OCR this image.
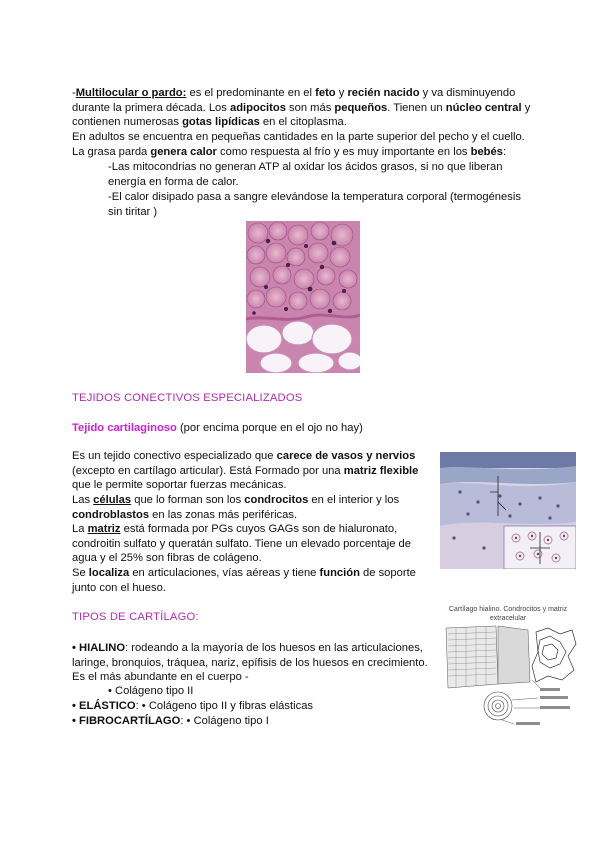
-Multilocular o pardo: es el predominante en el feto y recién nacido y va disminuyendo durante la primera década. Los adipocitos son más pequeños. Tienen un núcleo central y contienen numerosas gotas lipídicas en el citoplasma.
En adultos se encuentra en pequeñas cantidades en la parte superior del pecho y el cuello.
La grasa parda genera calor como respuesta al frío y es muy importante en los bebés:
-Las mitocondrias no generan ATP al oxidar los ácidos grasos, si no que liberan energía en forma de calor.
-El calor disipado pasa a sangre elevándose la temperatura corporal (termogénesis sin tiritar )
TEJIDOS CONECTIVOS ESPECIALIZADOS
Tejido cartilaginoso (por encima porque en el ojo no hay)
Es un tejido conectivo especializado que carece de vasos y nervios (excepto en cartílago articular). Está Formado por una matriz flexible que le permite soportar fuerzas mecánicas.
Las células que lo forman son los condrocitos en el interior y los condroblastos en las zonas más periféricas.
La matriz está formada por PGs cuyos GAGs son de hialuronato, condroitin sulfato y queratán sulfato. Tiene un elevado porcentaje de agua y el 25% son fibras de colágeno.
Se localiza en articulaciones, vías aéreas y tiene función de soporte junto con el hueso.
TIPOS DE CARTÍLAGO:
• HIALINO: rodeando a la mayoría de los huesos en las articulaciones, laringe, bronquios, tráquea, nariz, epífisis de los huesos en crecimiento. Es el más abundante en el cuerpo -
• Colágeno tipo II
• ELÁSTICO: • Colágeno tipo II y fibras elásticas
• FIBROCARTÍLAGO: • Colágeno tipo I
Cartílago hialino. Condrocitos y matriz
extracelular
